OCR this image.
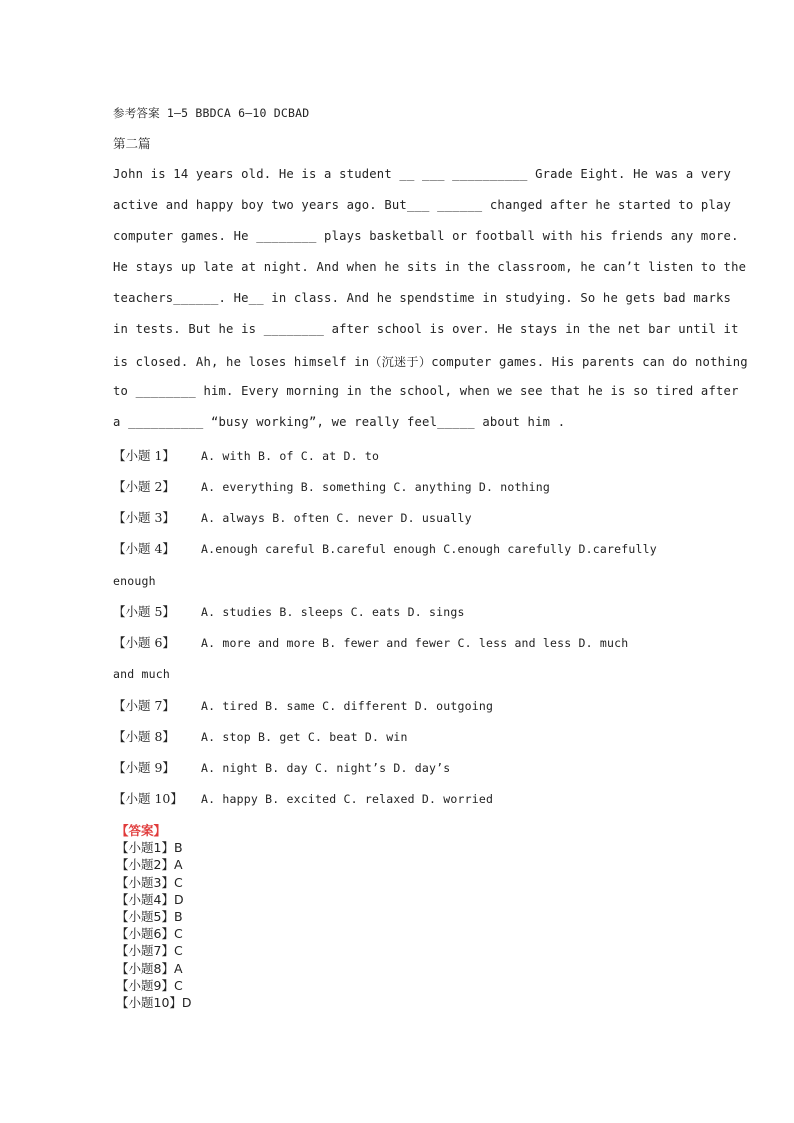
参考答案 1—5 BBDCA 6—10 DCBAD
第二篇
John is 14 years old. He is a student __ ___ __________ Grade Eight. He was a very
active and happy boy two years ago. But___ ______ changed after he started to play
computer games. He ________ plays basketball or football with his friends any more.
He stays up late at night. And when he sits in the classroom, he can’t listen to the
teachers______. He__ in class. And he spendstime in studying. So he gets bad marks
in tests. But he is ________ after school is over. He stays in the net bar until it
is closed. Ah, he loses himself in（沉迷于）computer games. His parents can do nothing
to ________ him. Every morning in the school, when we see that he is so tired after
a __________ “busy working”, we really feel_____ about him .
【小题 1】 A. with B. of C. at D. to
【小题 2】 A. everything B. something C. anything D. nothing
【小题 3】 A. always B. often C. never D. usually
【小题 4】 A.enough careful B.careful enough C.enough carefully D.carefully
enough
【小题 5】 A. studies B. sleeps C. eats D. sings
【小题 6】 A. more and more B. fewer and fewer C. less and less D. much
and much
【小题 7】 A. tired B. same C. different D. outgoing
【小题 8】 A. stop B. get C. beat D. win
【小题 9】 A. night B. day C. night’s D. day’s
【小题 10】 A. happy B. excited C. relaxed D. worried
【答案】
【小题1】B
【小题2】A
【小题3】C
【小题4】D
【小题5】B
【小题6】C
【小题7】C
【小题8】A
【小题9】C
【小题10】D
